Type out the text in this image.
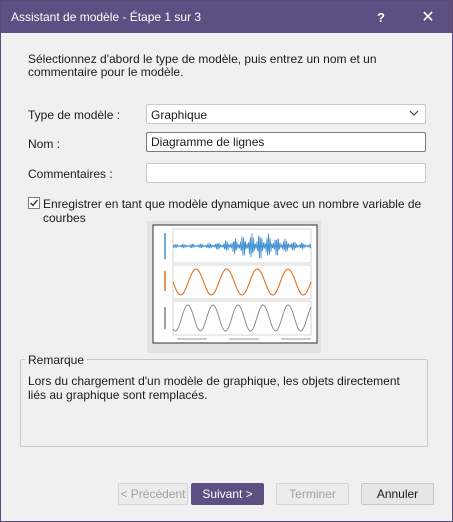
Assistant de modèle - Étape 1 sur 3	?	✕
Sélectionnez d'abord le type de modèle, puis entrez un nom et un commentaire pour le modèle.
Type de modèle :	Graphique
Nom :
Diagramme de lignes
Commentaires :
Enregistrer en tant que modèle dynamique avec un nombre variable de courbes
Remarque
Lors du chargement d'un modèle de graphique, les objets directement liés au graphique sont remplacés.
< Précédent	Suivant >	Terminer	Annuler
